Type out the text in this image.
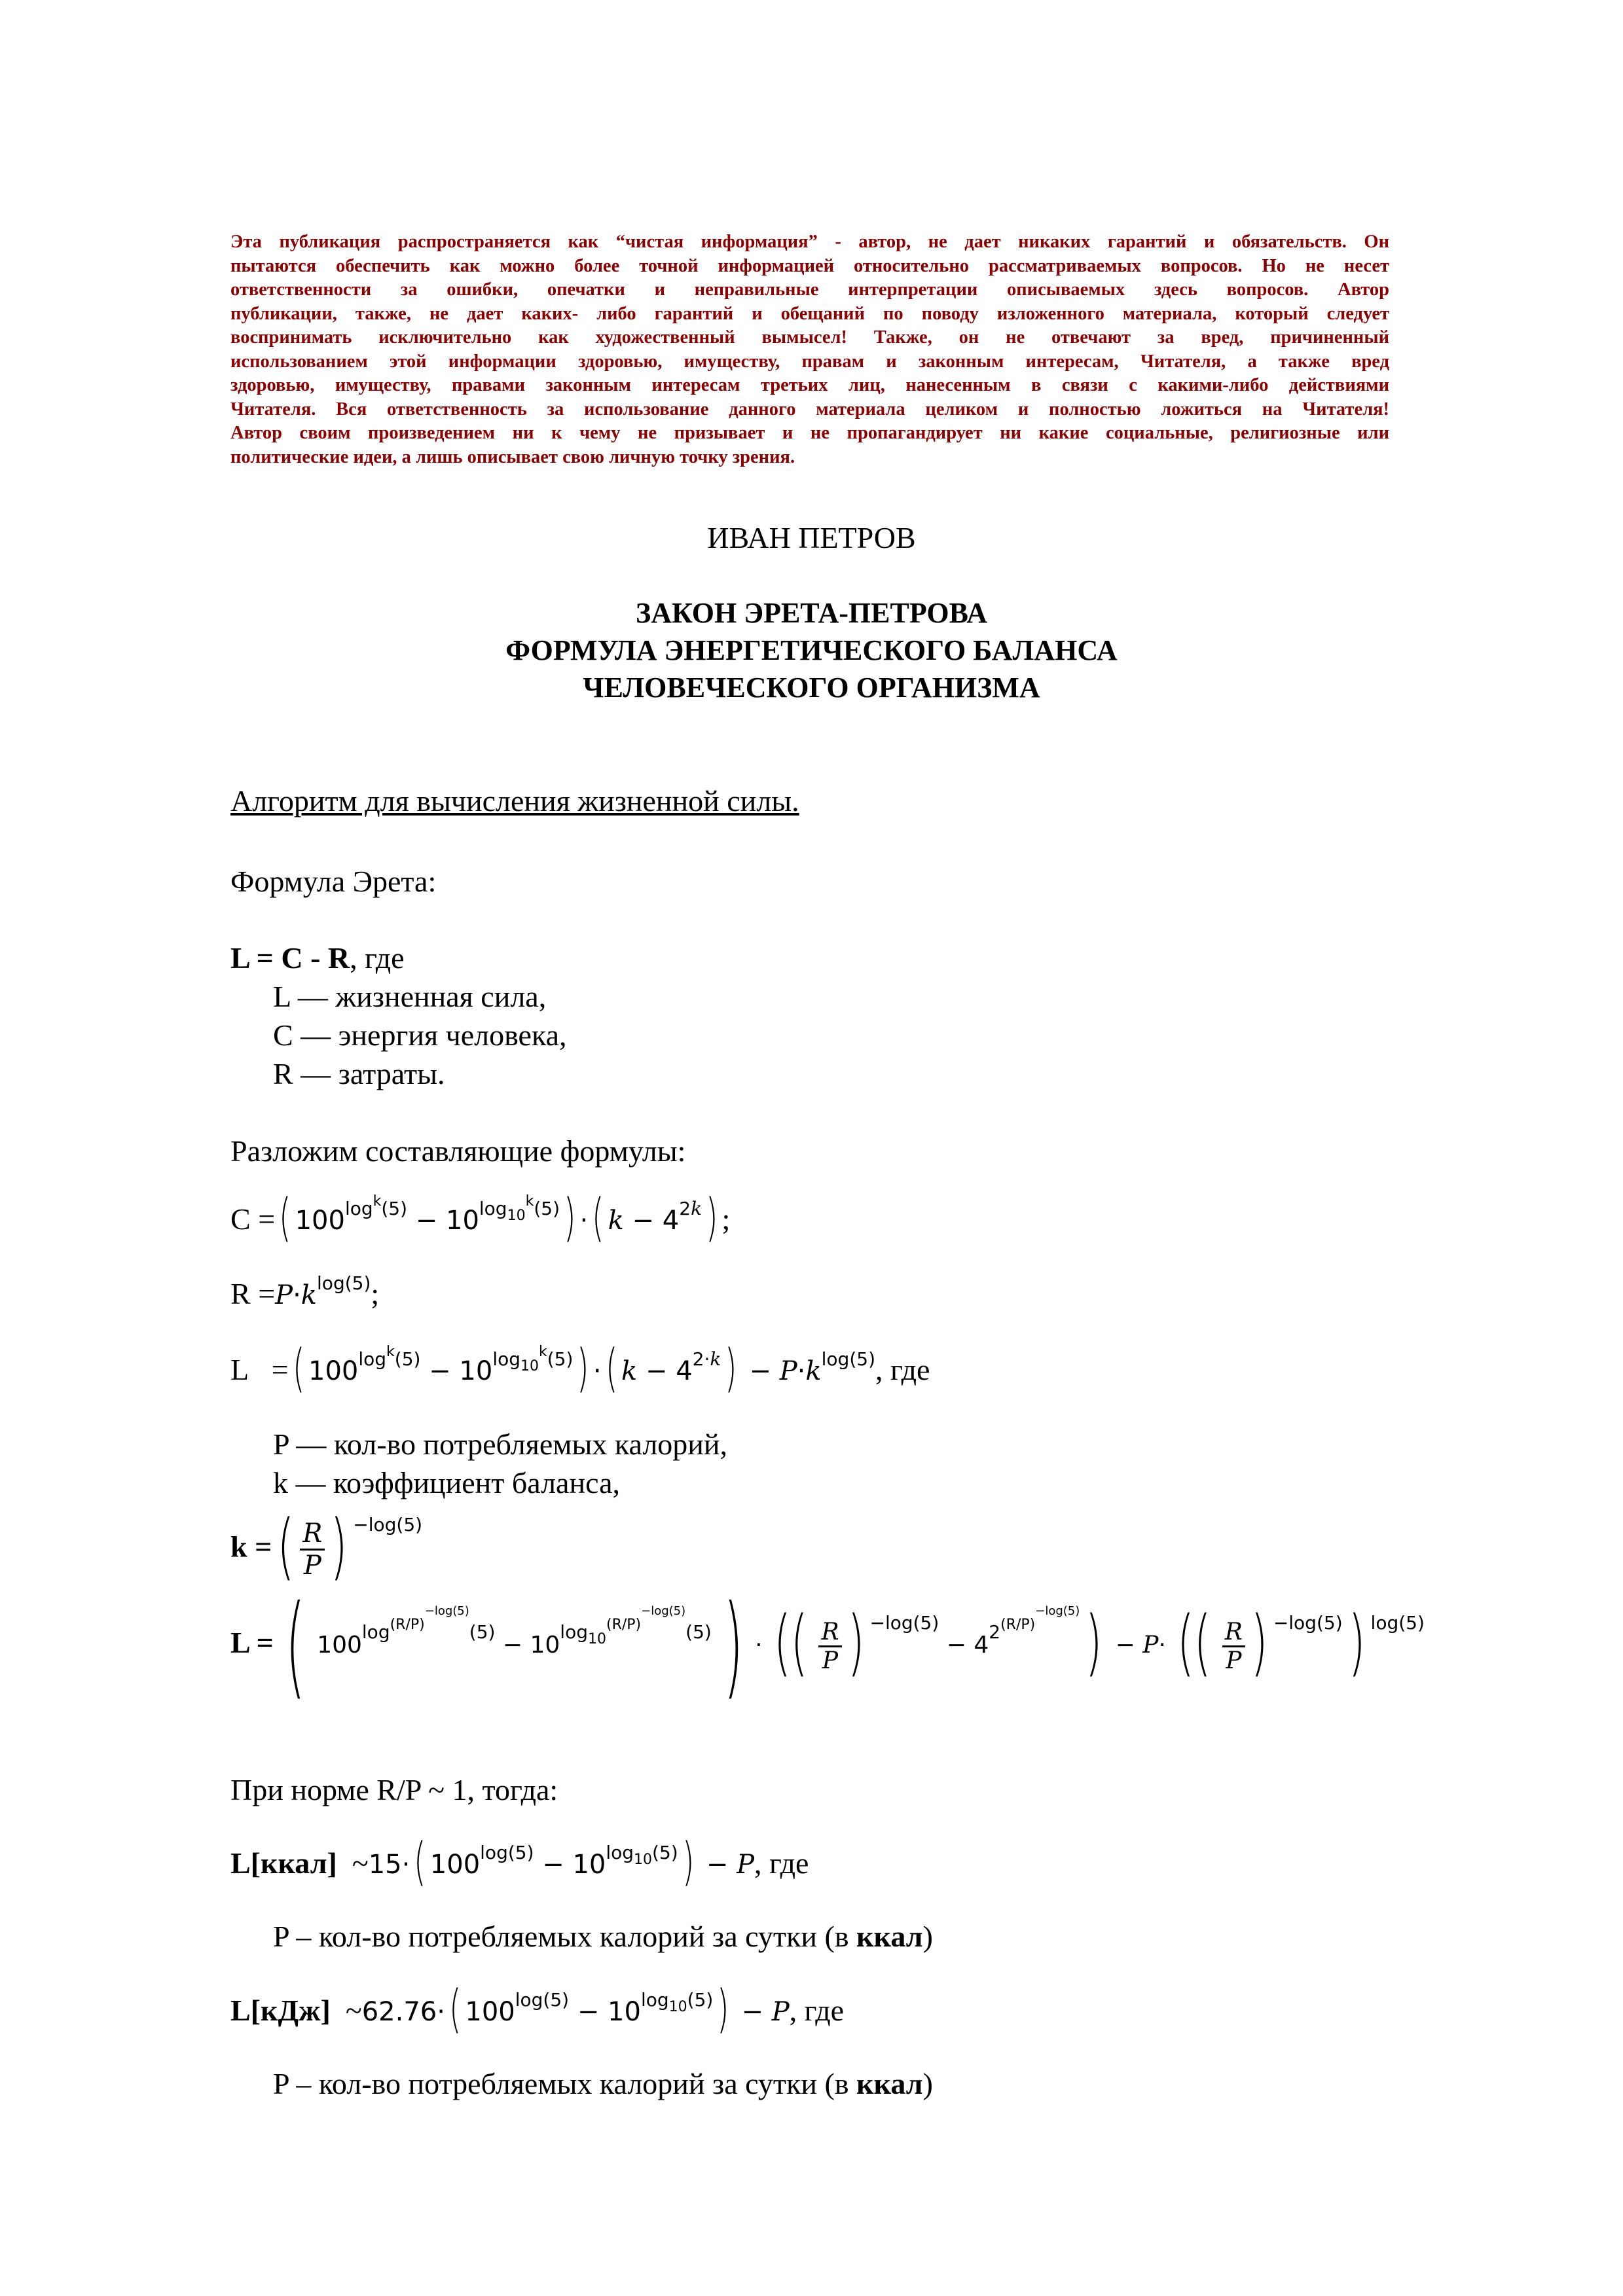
Эта публикация распространяется как “чистая информация” - автор, не дает никаких гарантий и обязательств. Он
пытаются обеспечить как можно более точной информацией относительно рассматриваемых вопросов. Но не несет
ответственности за ошибки, опечатки и неправильные интерпретации описываемых здесь вопросов. Автор
публикации, также, не дает каких- либо гарантий и обещаний по поводу изложенного материала, который следует
воспринимать исключительно как художественный вымысел! Также, он не отвечают за вред, причиненный
использованием этой информации здоровью, имуществу, правам и законным интересам, Читателя, а также вред
здоровью, имуществу, правами законным интересам третьих лиц, нанесенным в связи с какими-либо действиями
Читателя. Вся ответственность за использование данного материала целиком и полностью ложиться на Читателя!
Автор своим произведением ни к чему не призывает и не пропагандирует ни какие социальные, религиозные или
политические идеи, а лишь описывает свою личную точку зрения.
ИВАН ПЕТРОВ
ЗАКОН ЭРЕТА-ПЕТРОВА
ФОРМУЛА ЭНЕРГЕТИЧЕСКОГО БАЛАНСА
ЧЕЛОВЕЧЕСКОГО ОРГАНИЗМА
Алгоритм для вычисления жизненной силы.
Формула Эрета:
L = C - R, где
L — жизненная сила,
C — энергия человека,
R — затраты.
Разложим составляющие формулы:
C =( $100^{log^k(5)} - 10^{log_{10}^k(5)}$) ·( $k - 4^{2k}$) ;
$R =P\cdot k^{log(5)}$;
L   =( $100^{log^k(5)} - 10^{log_{10}^k(5)}$) ·( $k - 4^{2\cdot k}) - P\cdot k^{log(5)}$, где
P — кол-во потребляемых калорий,
k — коэффициент баланса,
k =( $\frac{R}{P}$ ) $^{-log(5)}$
L = ( $100^{log^{(R/P)^{-log(5)}}(5)} - 10^{log_{10}^{(R/P)^{-log(5)}}(5)}$ ) · (( $\frac{R}{P}$ ) $^{-log(5)} - 4^{2^{(R/P)^{-log(5)}}}) - P\cdot$ (( $\frac{R}{P}$ ) $^{-log(5)}$) $^{log(5)}$
При норме R/P ~ 1, тогда:
L[ккал]  ~15·( $100^{log(5)} - 10^{log_{10}(5)}) - P$, где
P – кол-во потребляемых калорий за сутки (в ккал)
L[кДж]  ~62.76·( $100^{log(5)} - 10^{log_{10}(5)}) - P$, где
P – кол-во потребляемых калорий за сутки (в ккал)
